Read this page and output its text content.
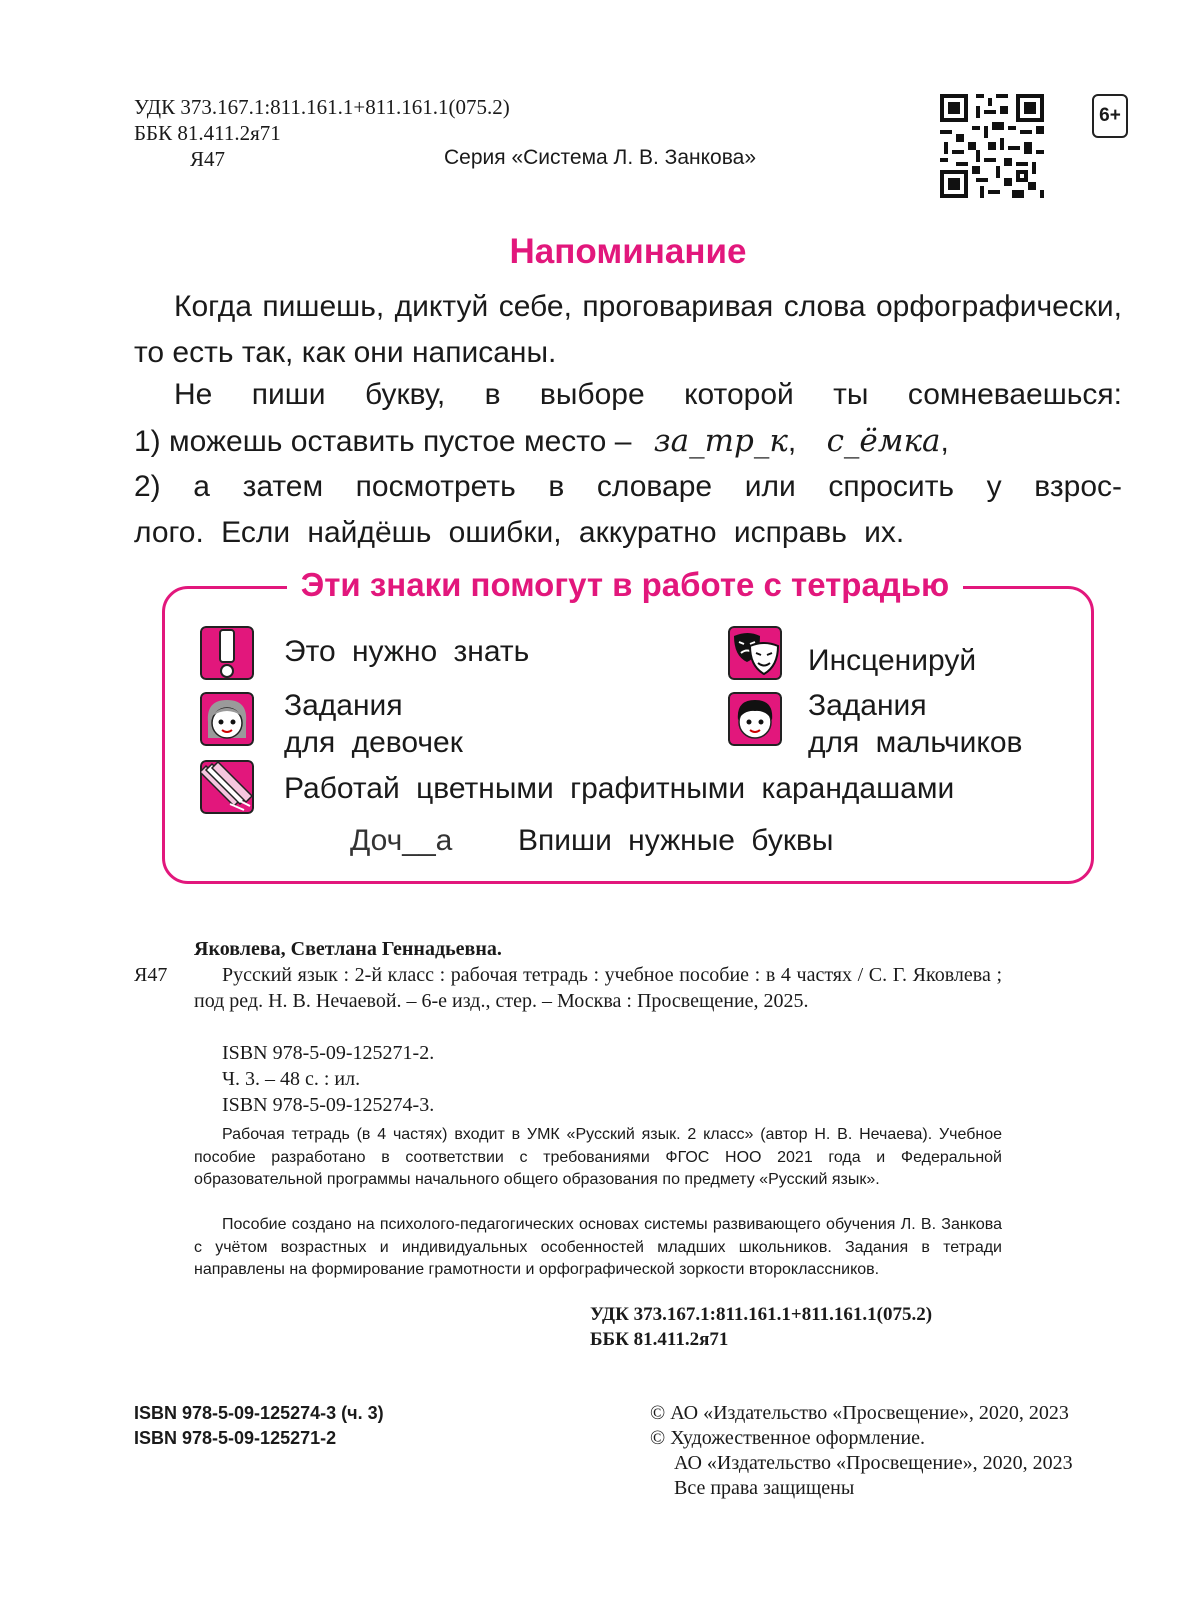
УДК 373.167.1:811.161.1+811.161.1(075.2)
ББК 81.411.2я71
Я47	Серия «Система Л. В. Занкова»
6+
Напоминание
Когда пишешь, диктуй себе, проговаривая слова орфографически, то есть так, как они написаны.
Не пиши букву, в выборе которой ты сомневаешься:
1) можешь оставить пустое место – за_тр_к, с_ёмка,
2) а затем посмотреть в словаре или спросить у взрос-
лого. Если найдёшь ошибки, аккуратно исправь их.
Эти знаки помогут в работе с тетрадью
Это нужно знать	Инсценируй
Задания
для девочек
Задания
для мальчиков
Работай цветными графитными карандашами
Доч__а Впиши нужные буквы
Яковлева, Светлана Геннадьевна.
Я47	Русский язык : 2-й класс : рабочая тетрадь : учебное пособие : в 4 частях / С. Г. Яковлева ; под ред. Н. В. Нечаевой. – 6-е изд., стер. – Москва : Просвещение, 2025.
ISBN 978-5-09-125271-2.
Ч. 3. – 48 с. : ил.
ISBN 978-5-09-125274-3.
Рабочая тетрадь (в 4 частях) входит в УМК «Русский язык. 2 класс» (автор Н. В. Нечаева). Учебное пособие разработано в соответствии с требованиями ФГОС НОО 2021 года и Федеральной образовательной программы начального общего образования по предмету «Русский язык».
Пособие создано на психолого-педагогических основах системы развивающего обучения Л. В. Занкова с учётом возрастных и индивидуальных особенностей младших школьников. Задания в тетради направлены на формирование грамотности и орфографической зоркости второклассников.
УДК 373.167.1:811.161.1+811.161.1(075.2)
ББК 81.411.2я71
ISBN 978-5-09-125274-3 (ч. 3)
ISBN 978-5-09-125271-2
© АО «Издательство «Просвещение», 2020, 2023
© Художественное оформление.
АО «Издательство «Просвещение», 2020, 2023
Все права защищены
